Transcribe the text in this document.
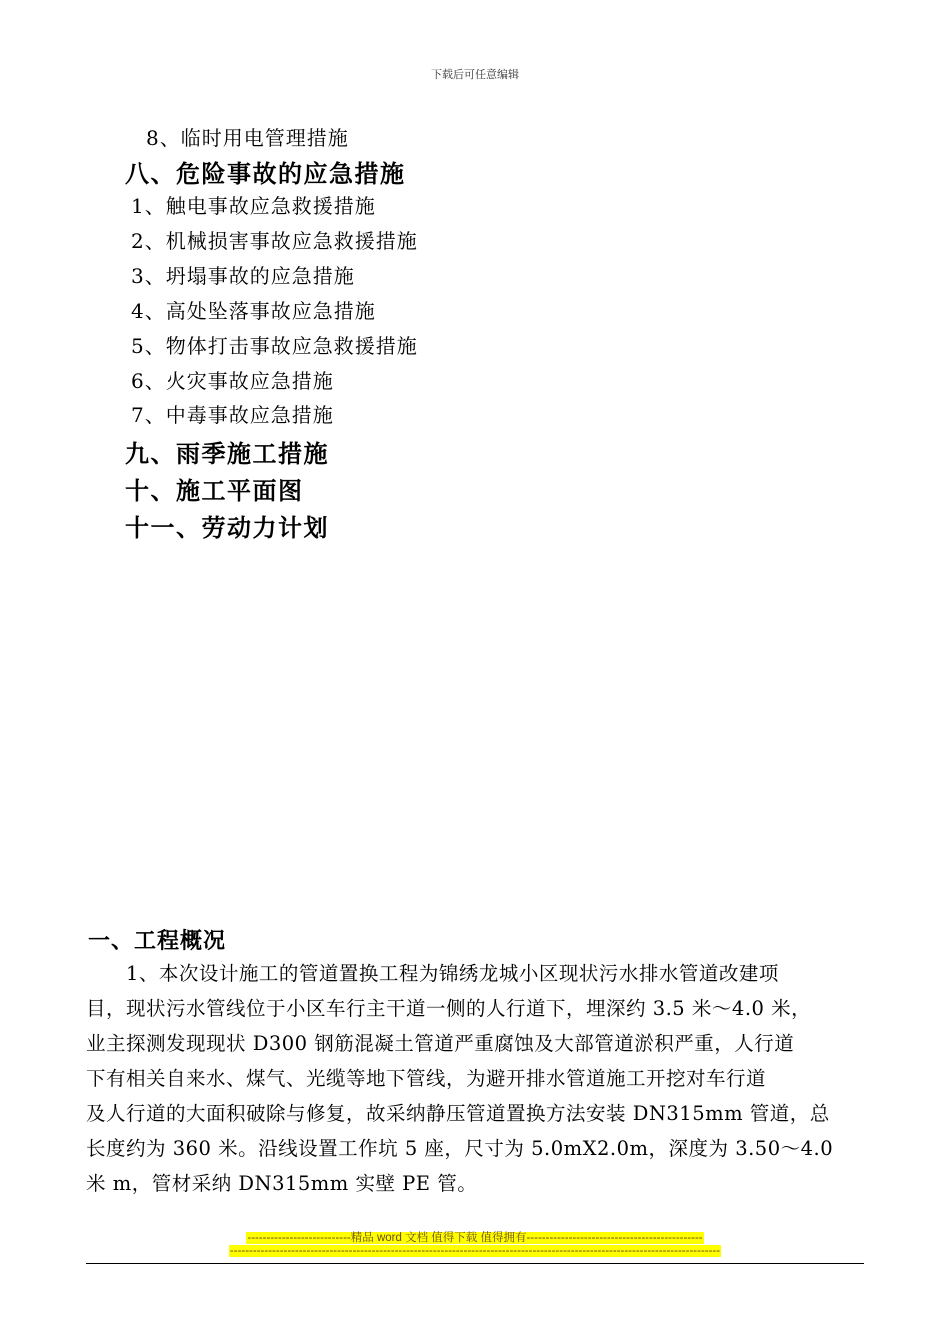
下载后可任意编辑
8、临时用电管理措施
八、危险事故的应急措施
1、触电事故应急救援措施
2、机械损害事故应急救援措施
3、坍塌事故的应急措施
4、高处坠落事故应急措施
5、物体打击事故应急救援措施
6、火灾事故应急措施
7、中毒事故应急措施
九、雨季施工措施
十、施工平面图
十一、劳动力计划
一、工程概况
　　1、本次设计施工的管道置换工程为锦绣龙城小区现状污水排水管道改建项
目，现状污水管线位于小区车行主干道一侧的人行道下，埋深约 3.5 米～4.0 米，
业主探测发现现状 D300 钢筋混凝土管道严重腐蚀及大部管道淤积严重，人行道
下有相关自来水、煤气、光缆等地下管线，为避开排水管道施工开挖对车行道
及人行道的大面积破除与修复，故采纳静压管道置换方法安装 DN315mm 管道，总
长度约为 360 米。沿线设置工作坑 5 座，尺寸为 5.0mX2.0m，深度为 3.50～4.0
米 m，管材采纳 DN315mm 实壁 PE 管。
---------------------------精品 word 文档 值得下载 值得拥有----------------------------------------------
--------------------------------------------------------------------------------------------------------------------------------
